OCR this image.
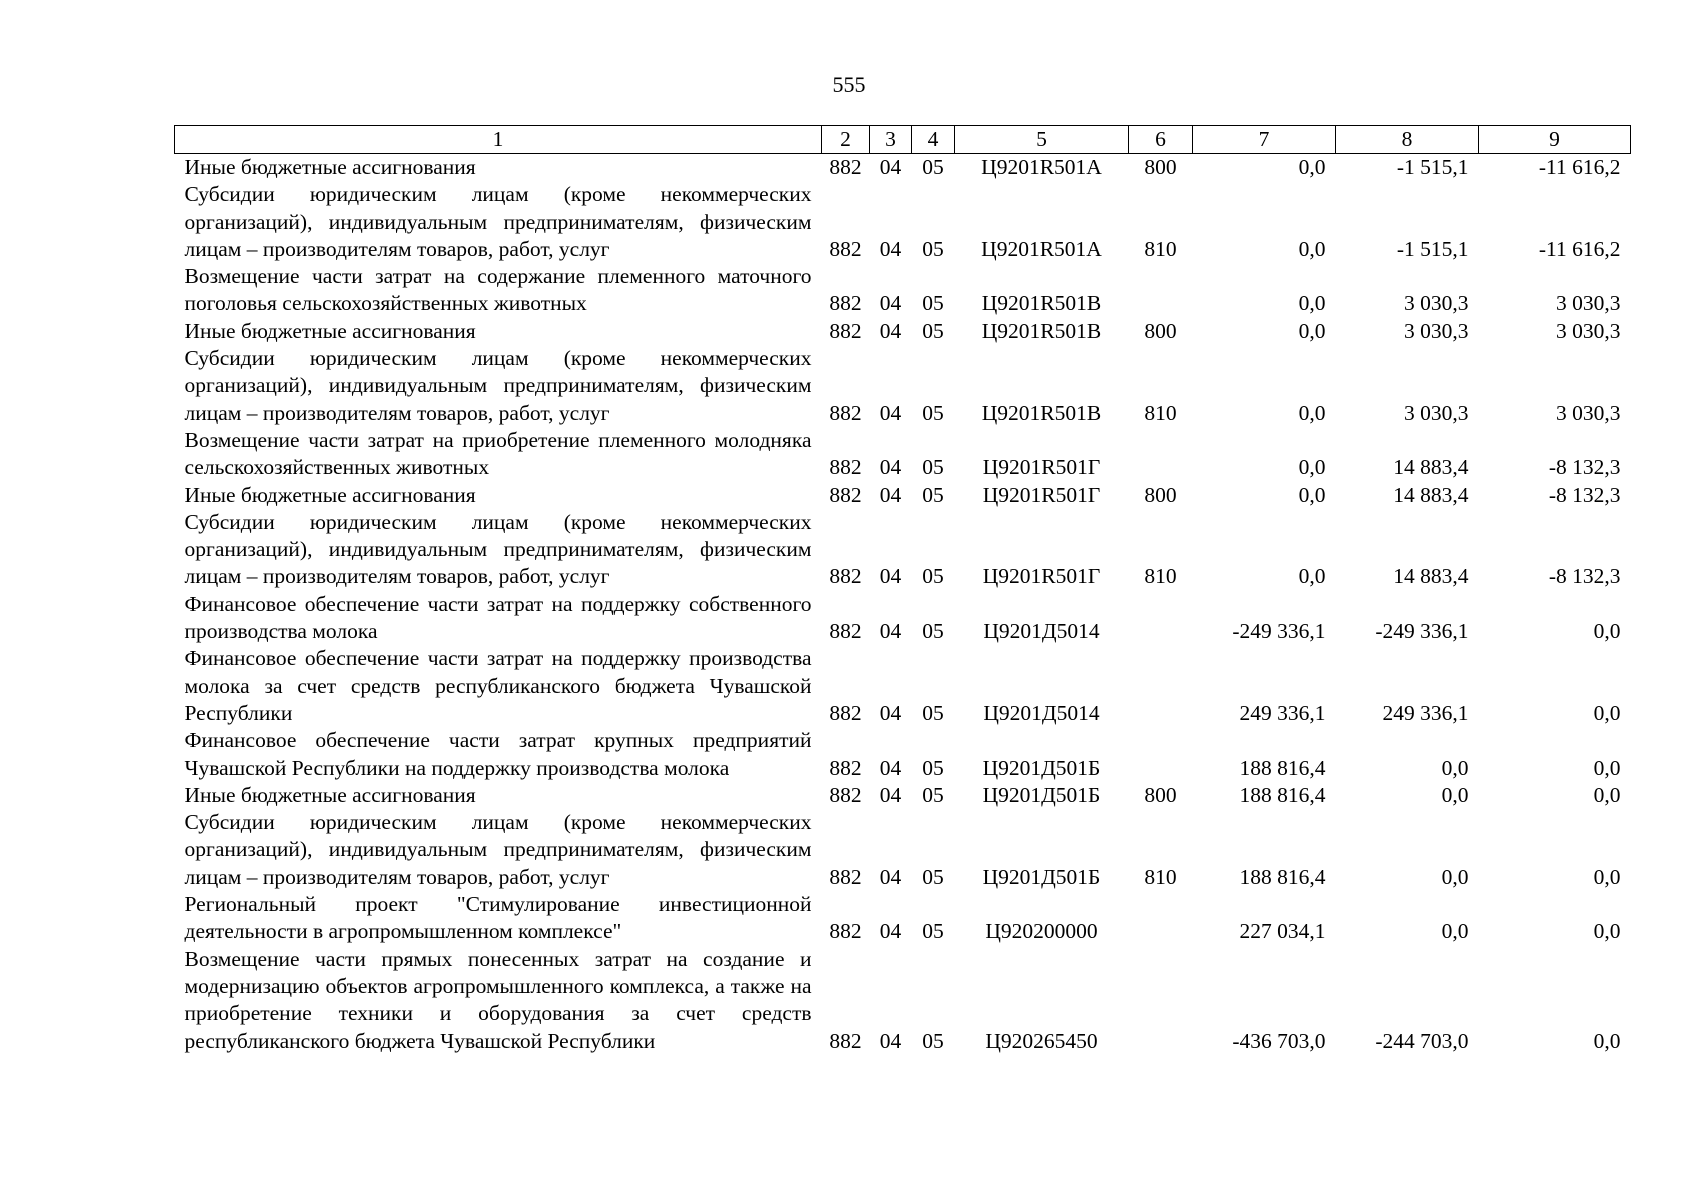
555
1	2	3	4	5	6	7	8	9
Иные бюджетные ассигнования	882	04	05	Ц9201R501А	800	0,0	-1 515,1	-11 616,2
Субсидии юридическим лицам (кроме некоммерческих организаций), индивидуальным предпринимателям, физическим лицам – производителям товаров, работ, услуг	882	04	05	Ц9201R501А	810	0,0	-1 515,1	-11 616,2
Возмещение части затрат на содержание племенного маточного поголовья сельскохозяйственных животных	882	04	05	Ц9201R501В		0,0	3 030,3	3 030,3
Иные бюджетные ассигнования	882	04	05	Ц9201R501В	800	0,0	3 030,3	3 030,3
Субсидии юридическим лицам (кроме некоммерческих организаций), индивидуальным предпринимателям, физическим лицам – производителям товаров, работ, услуг	882	04	05	Ц9201R501В	810	0,0	3 030,3	3 030,3
Возмещение части затрат на приобретение племенного молодняка сельскохозяйственных животных	882	04	05	Ц9201R501Г		0,0	14 883,4	-8 132,3
Иные бюджетные ассигнования	882	04	05	Ц9201R501Г	800	0,0	14 883,4	-8 132,3
Субсидии юридическим лицам (кроме некоммерческих организаций), индивидуальным предпринимателям, физическим лицам – производителям товаров, работ, услуг	882	04	05	Ц9201R501Г	810	0,0	14 883,4	-8 132,3
Финансовое обеспечение части затрат на поддержку собственного производства молока	882	04	05	Ц9201Д5014		-249 336,1	-249 336,1	0,0
Финансовое обеспечение части затрат на поддержку производства молока за счет средств республиканского бюджета Чувашской Республики	882	04	05	Ц9201Д5014		249 336,1	249 336,1	0,0
Финансовое обеспечение части затрат крупных предприятий Чувашской Республики на поддержку производства молока	882	04	05	Ц9201Д501Б		188 816,4	0,0	0,0
Иные бюджетные ассигнования	882	04	05	Ц9201Д501Б	800	188 816,4	0,0	0,0
Субсидии юридическим лицам (кроме некоммерческих организаций), индивидуальным предпринимателям, физическим лицам – производителям товаров, работ, услуг	882	04	05	Ц9201Д501Б	810	188 816,4	0,0	0,0
Региональный проект "Стимулирование инвестиционной деятельности в агропромышленном комплексе"	882	04	05	Ц920200000		227 034,1	0,0	0,0
Возмещение части прямых понесенных затрат на создание и модернизацию объектов агропромышленного комплекса, а также на приобретение техники и оборудования за счет средств республиканского бюджета Чувашской Республики	882	04	05	Ц920265450		-436 703,0	-244 703,0	0,0
